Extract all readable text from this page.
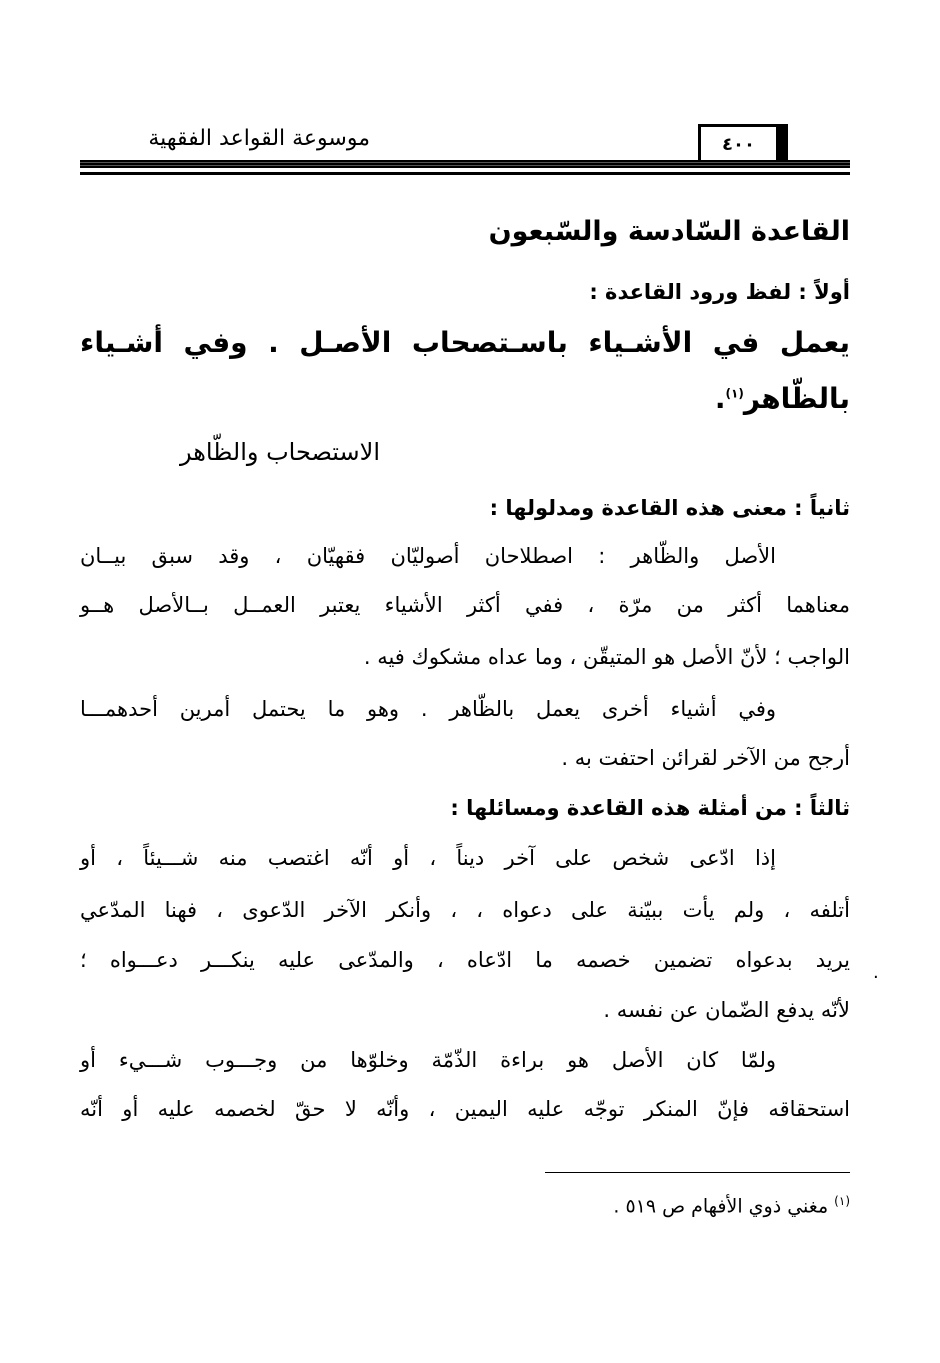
٤٠٠
موسوعة القواعد الفقهية
القاعدة السّادسة والسّبعون
أولاً : لفظ ورود القاعدة :
يعمل في الأشـياء باسـتصحاب الأصـل . وفي أشـياء
بالظّاهر$^{(١)}$.
الاستصحاب والظّاهر
ثانياً : معنى هذه القاعدة ومدلولها :
الأصل والظّاهر : اصطلاحان أصوليّان فقهيّان ، وقد سبق بيــان
معناهما أكثر من مرّة ، ففي أكثر الأشياء يعتبر العمــل بــالأصل هــو
الواجب ؛ لأنّ الأصل هو المتيقّن ، وما عداه مشكوك فيه .
وفي أشياء أخرى يعمل بالظّاهر . وهو ما يحتمل أمرين أحدهمـــا
أرجح من الآخر لقرائن احتفت به .
ثالثاً : من أمثلة هذه القاعدة ومسائلها :
إذا ادّعى شخص على آخر ديناً ، أو أنّه اغتصب منه شـــيئاً ، أو
أتلفه ، ولم يأت ببيّنة على دعواه ، ، وأنكر الآخر الدّعوى ، فهنا المدّعي
يريد بدعواه تضمين خصمه ما ادّعاه ، والمدّعى عليه ينكـــر دعـــواه ؛
لأنّه يدفع الضّمان عن نفسه .
ولمّا كان الأصل هو براءة الذّمّة وخلوّها من وجـــوب شـــيء أو
استحقاقه فإنّ المنكر توجّه عليه اليمين ، وأنّه لا حقّ لخصمه عليه أو أنّه
.
$^{(١)}$ مغني ذوي الأفهام ص ٥١٩ .
